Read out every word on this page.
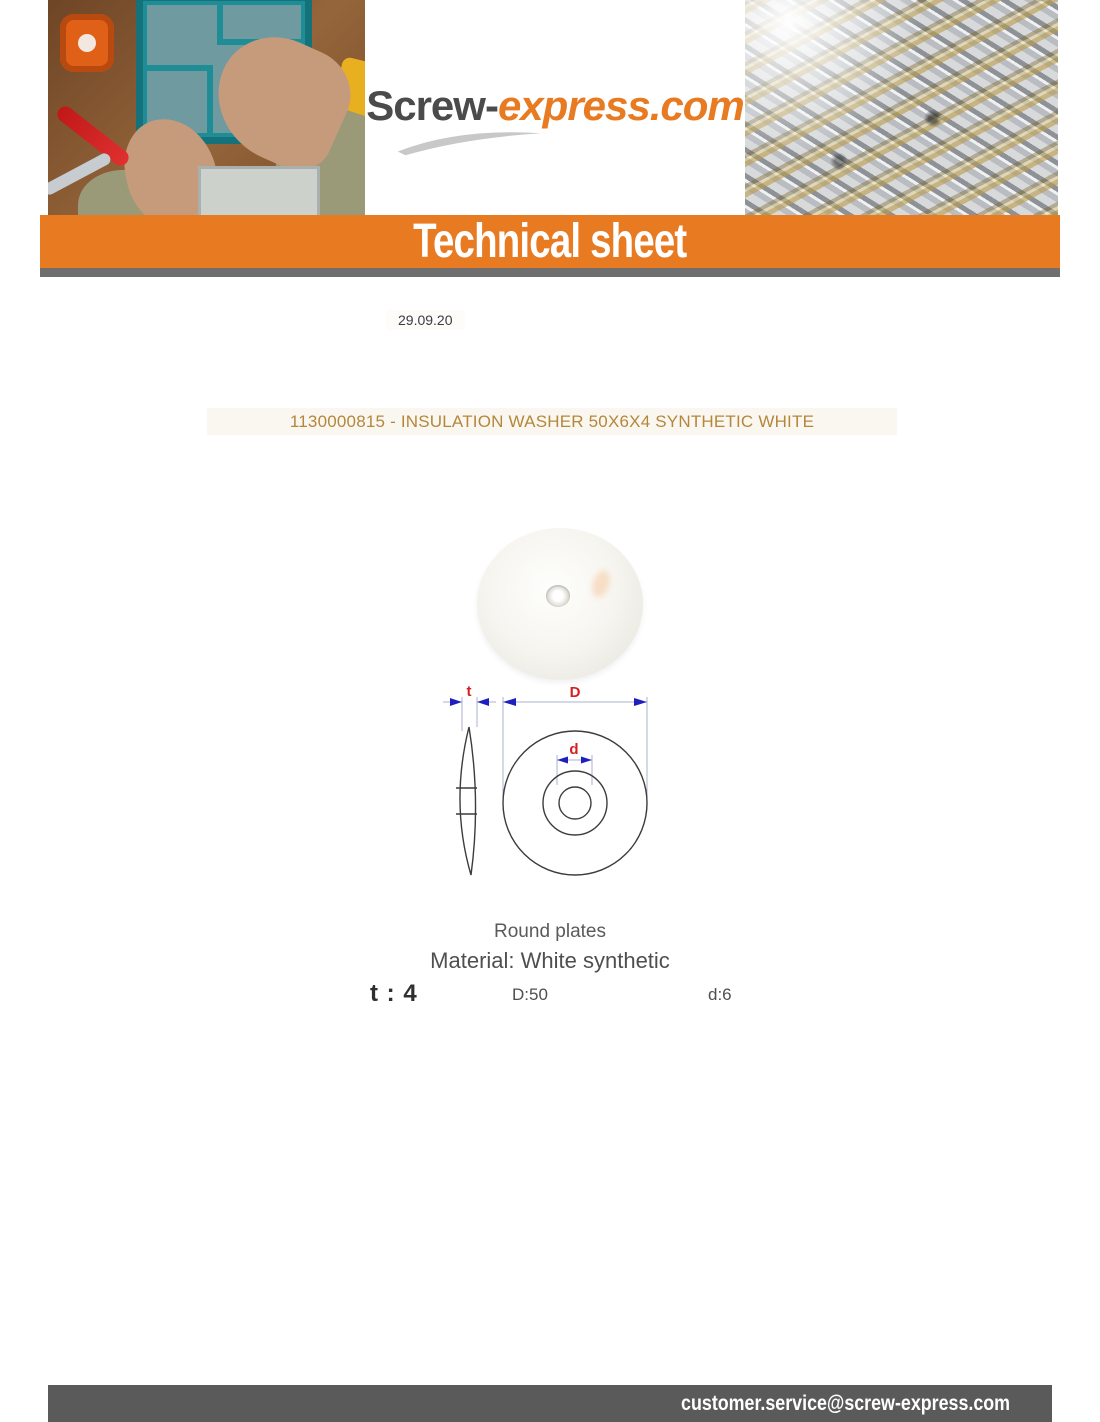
Screw-express.com
Technical sheet
29.09.20
1130000815 - INSULATION WASHER 50X6X4 SYNTHETIC WHITE
t	D
d
Round plates
Material: White synthetic
t : 4	D:50	d:6
customer.service@screw-express.com
